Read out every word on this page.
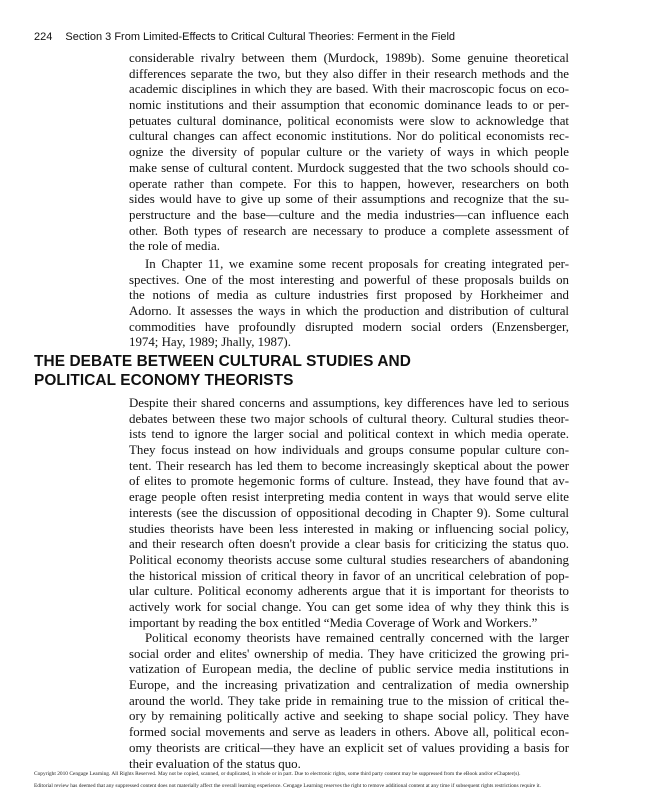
224 Section 3 From Limited-Effects to Critical Cultural Theories: Ferment in the Field
considerable rivalry between them (Murdock, 1989b). Some genuine theoretical
differences separate the two, but they also differ in their research methods and the
academic disciplines in which they are based. With their macroscopic focus on eco-
nomic institutions and their assumption that economic dominance leads to or per-
petuates cultural dominance, political economists were slow to acknowledge that
cultural changes can affect economic institutions. Nor do political economists rec-
ognize the diversity of popular culture or the variety of ways in which people
make sense of cultural content. Murdock suggested that the two schools should co-
operate rather than compete. For this to happen, however, researchers on both
sides would have to give up some of their assumptions and recognize that the su-
perstructure and the base—culture and the media industries—can influence each
other. Both types of research are necessary to produce a complete assessment of
the role of media.
In Chapter 11, we examine some recent proposals for creating integrated per-
spectives. One of the most interesting and powerful of these proposals builds on
the notions of media as culture industries first proposed by Horkheimer and
Adorno. It assesses the ways in which the production and distribution of cultural
commodities have profoundly disrupted modern social orders (Enzensberger,
1974; Hay, 1989; Jhally, 1987).
THE DEBATE BETWEEN CULTURAL STUDIES AND
POLITICAL ECONOMY THEORISTS
Despite their shared concerns and assumptions, key differences have led to serious
debates between these two major schools of cultural theory. Cultural studies theor-
ists tend to ignore the larger social and political context in which media operate.
They focus instead on how individuals and groups consume popular culture con-
tent. Their research has led them to become increasingly skeptical about the power
of elites to promote hegemonic forms of culture. Instead, they have found that av-
erage people often resist interpreting media content in ways that would serve elite
interests (see the discussion of oppositional decoding in Chapter 9). Some cultural
studies theorists have been less interested in making or influencing social policy,
and their research often doesn't provide a clear basis for criticizing the status quo.
Political economy theorists accuse some cultural studies researchers of abandoning
the historical mission of critical theory in favor of an uncritical celebration of pop-
ular culture. Political economy adherents argue that it is important for theorists to
actively work for social change. You can get some idea of why they think this is
important by reading the box entitled “Media Coverage of Work and Workers.”
Political economy theorists have remained centrally concerned with the larger
social order and elites' ownership of media. They have criticized the growing pri-
vatization of European media, the decline of public service media institutions in
Europe, and the increasing privatization and centralization of media ownership
around the world. They take pride in remaining true to the mission of critical the-
ory by remaining politically active and seeking to shape social policy. They have
formed social movements and serve as leaders in others. Above all, political econ-
omy theorists are critical—they have an explicit set of values providing a basis for
their evaluation of the status quo.
Copyright 2010 Cengage Learning. All Rights Reserved. May not be copied, scanned, or duplicated, in whole or in part. Due to electronic rights, some third party content may be suppressed from the eBook and/or eChapter(s).
Editorial review has deemed that any suppressed content does not materially affect the overall learning experience. Cengage Learning reserves the right to remove additional content at any time if subsequent rights restrictions require it.
